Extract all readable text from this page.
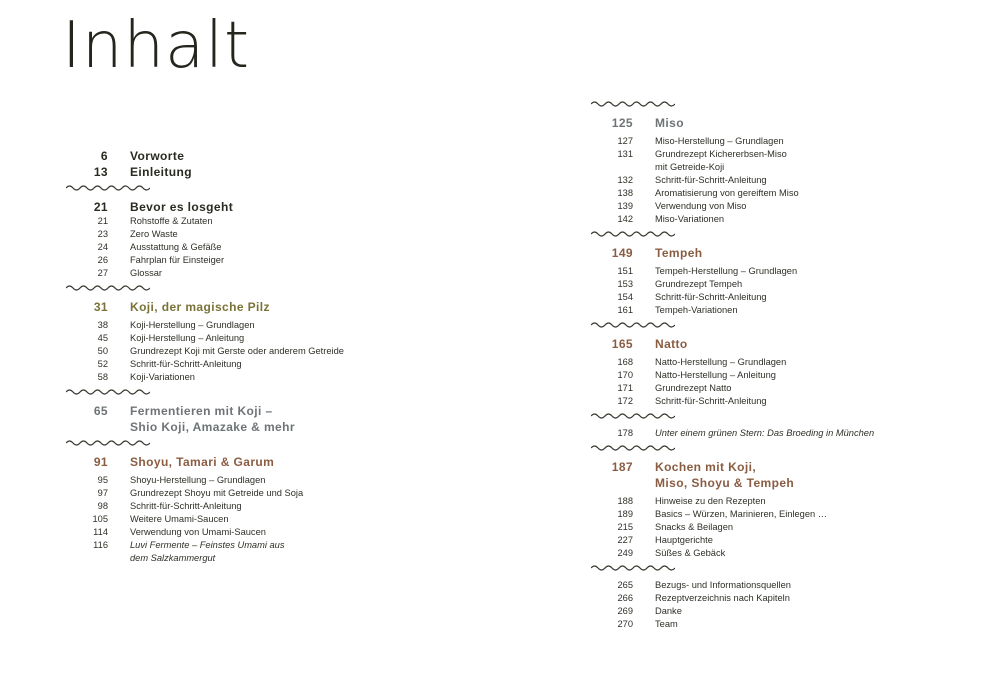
Inhalt
6 Vorworte
13 Einleitung
21 Bevor es losgeht
21 Rohstoffe & Zutaten
23 Zero Waste
24 Ausstattung & Gefäße
26 Fahrplan für Einsteiger
27 Glossar
31 Koji, der magische Pilz
38 Koji-Herstellung – Grundlagen
45 Koji-Herstellung – Anleitung
50 Grundrezept Koji mit Gerste oder anderem Getreide
52 Schritt-für-Schritt-Anleitung
58 Koji-Variationen
65 Fermentieren mit Koji –
Shio Koji, Amazake & mehr
91 Shoyu, Tamari & Garum
95 Shoyu-Herstellung – Grundlagen
97 Grundrezept Shoyu mit Getreide und Soja
98 Schritt-für-Schritt-Anleitung
105 Weitere Umami-Saucen
114 Verwendung von Umami-Saucen
116 Luvi Fermente – Feinstes Umami aus
dem Salzkammergut
125 Miso
127 Miso-Herstellung – Grundlagen
131 Grundrezept Kichererbsen-Miso
mit Getreide-Koji
132 Schritt-für-Schritt-Anleitung
138 Aromatisierung von gereiftem Miso
139 Verwendung von Miso
142 Miso-Variationen
149 Tempeh
151 Tempeh-Herstellung – Grundlagen
153 Grundrezept Tempeh
154 Schritt-für-Schritt-Anleitung
161 Tempeh-Variationen
165 Natto
168 Natto-Herstellung – Grundlagen
170 Natto-Herstellung – Anleitung
171 Grundrezept Natto
172 Schritt-für-Schritt-Anleitung
178 Unter einem grünen Stern: Das Broeding in München
187 Kochen mit Koji,
Miso, Shoyu & Tempeh
188 Hinweise zu den Rezepten
189 Basics – Würzen, Marinieren, Einlegen …
215 Snacks & Beilagen
227 Hauptgerichte
249 Süßes & Gebäck
265 Bezugs- und Informationsquellen
266 Rezeptverzeichnis nach Kapiteln
269 Danke
270 Team
